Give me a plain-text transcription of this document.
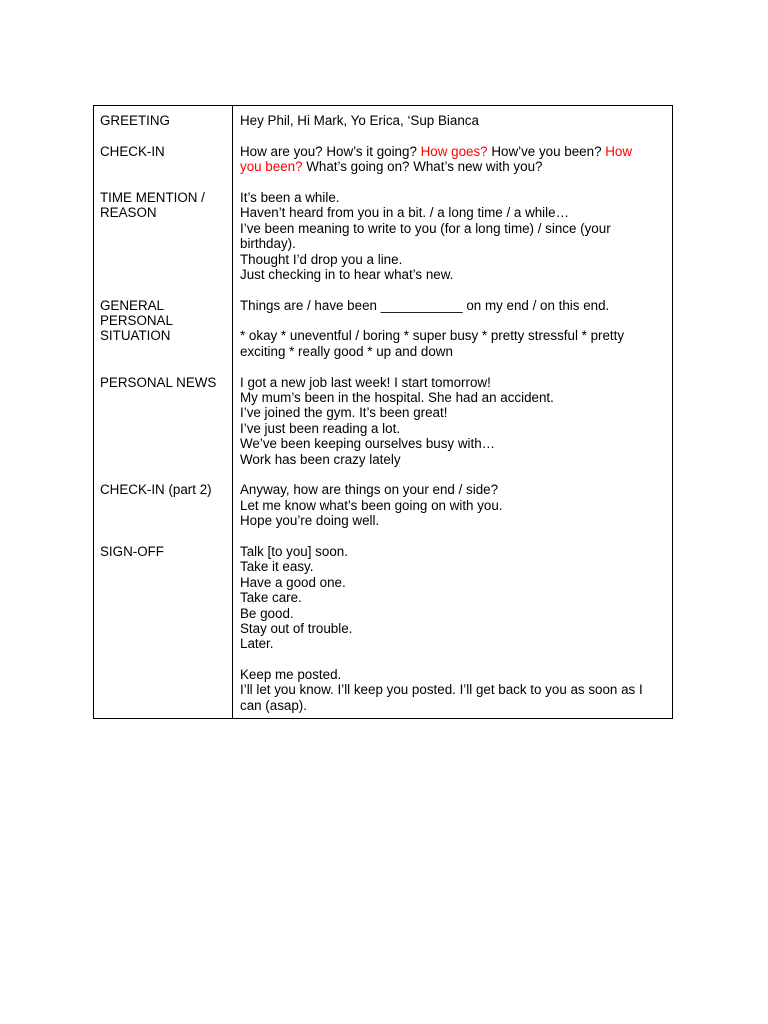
GREETING
CHECK-IN
TIME MENTION /
REASON
GENERAL
PERSONAL
SITUATION
PERSONAL NEWS
CHECK-IN (part 2)
SIGN-OFF
Hey Phil, Hi Mark, Yo Erica, ‘Sup Bianca
How are you? How’s it going? How goes? How’ve you been? How
you been? What’s going on? What’s new with you?
It’s been a while.
Haven’t heard from you in a bit. / a long time / a while…
I’ve been meaning to write to you (for a long time) / since (your
birthday).
Thought I’d drop you a line.
Just checking in to hear what’s new.
Things are / have been ___________ on my end / on this end.
* okay * uneventful / boring * super busy * pretty stressful * pretty
exciting * really good * up and down
I got a new job last week! I start tomorrow!
My mum’s been in the hospital. She had an accident.
I’ve joined the gym. It’s been great!
I’ve just been reading a lot.
We’ve been keeping ourselves busy with…
Work has been crazy lately
Anyway, how are things on your end / side?
Let me know what’s been going on with you.
Hope you’re doing well.
Talk [to you] soon.
Take it easy.
Have a good one.
Take care.
Be good.
Stay out of trouble.
Later.
Keep me posted.
I’ll let you know. I’ll keep you posted. I’ll get back to you as soon as I
can (asap).
